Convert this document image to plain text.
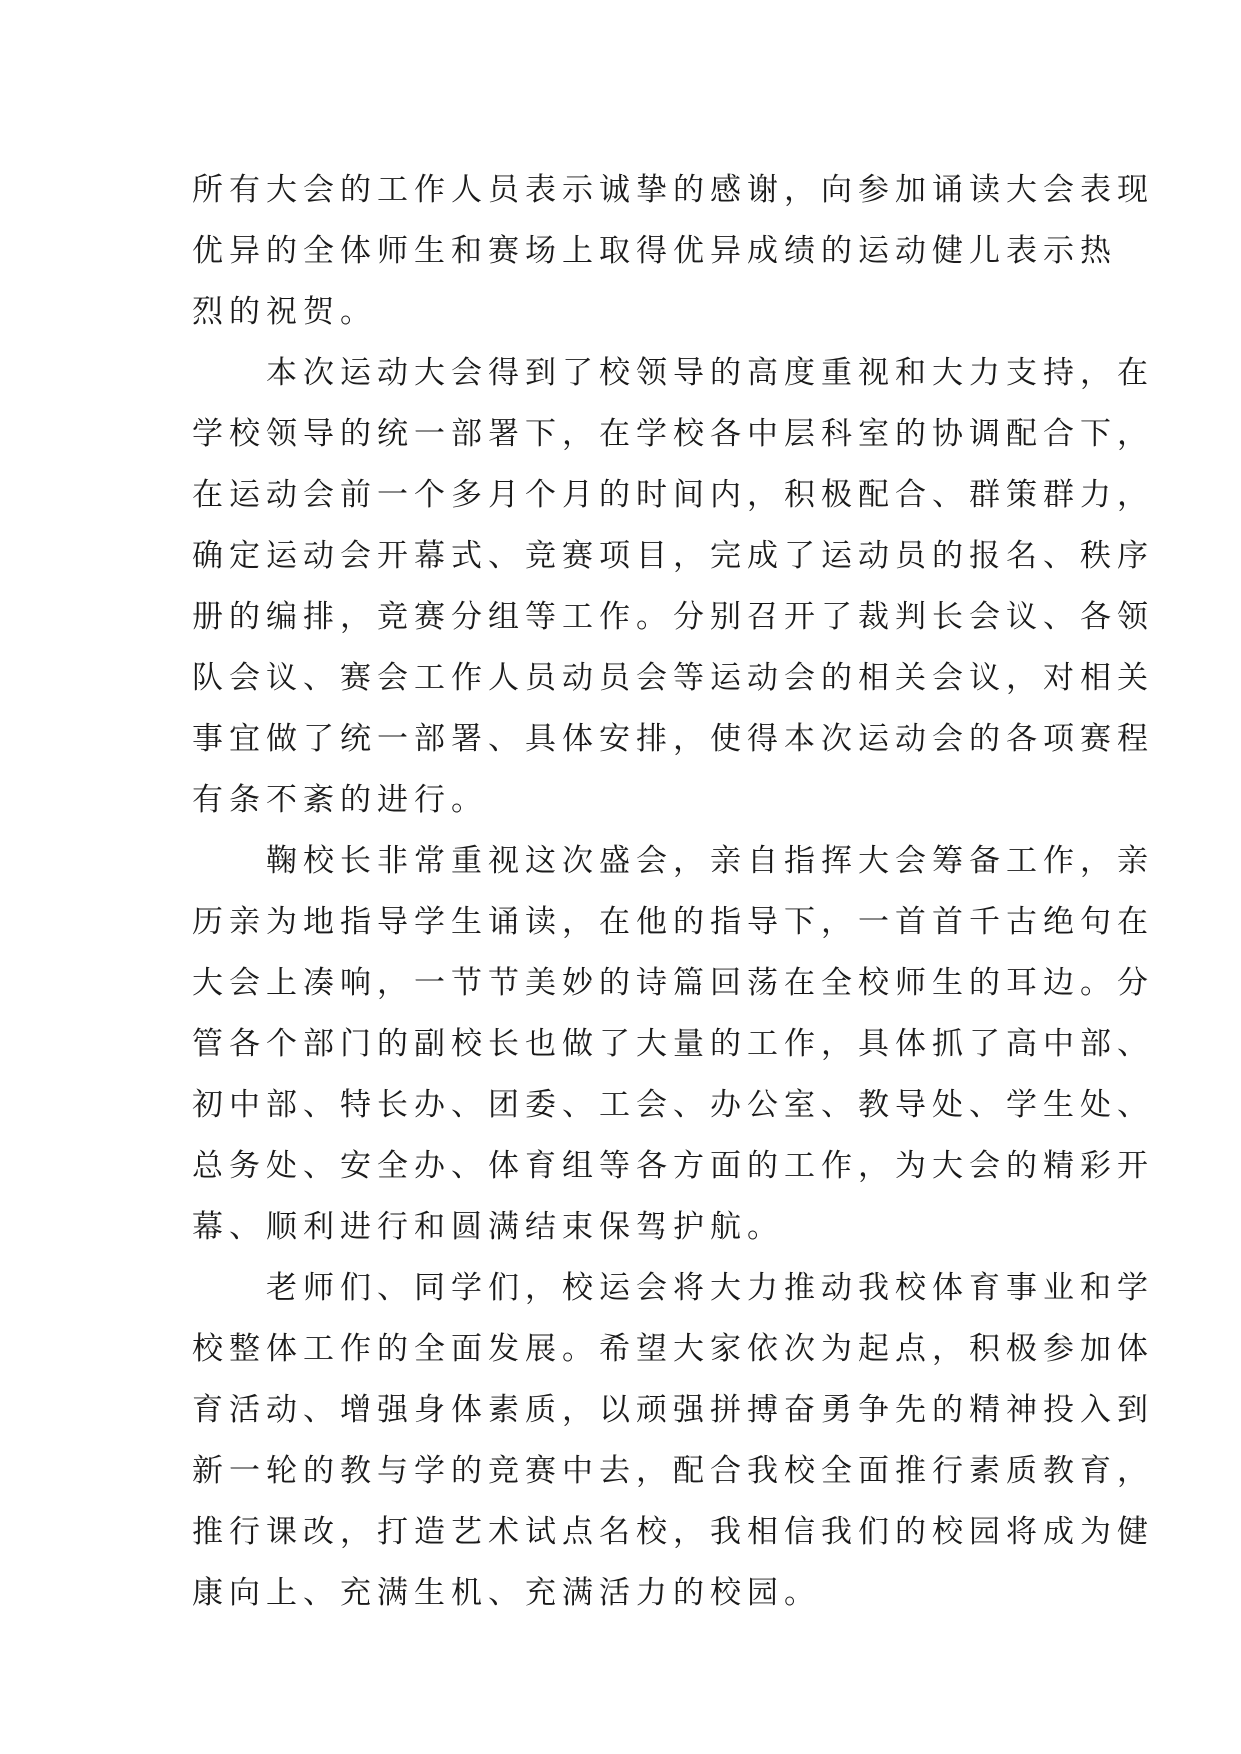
所有大会的工作人员表示诚挚的感谢，向参加诵读大会表现
优异的全体师生和赛场上取得优异成绩的运动健儿表示热
烈的祝贺。
本次运动大会得到了校领导的高度重视和大力支持，在
学校领导的统一部署下，在学校各中层科室的协调配合下，
在运动会前一个多月个月的时间内，积极配合、群策群力，
确定运动会开幕式、竞赛项目，完成了运动员的报名、秩序
册的编排，竞赛分组等工作。分别召开了裁判长会议、各领
队会议、赛会工作人员动员会等运动会的相关会议，对相关
事宜做了统一部署、具体安排，使得本次运动会的各项赛程
有条不紊的进行。
鞠校长非常重视这次盛会，亲自指挥大会筹备工作，亲
历亲为地指导学生诵读，在他的指导下，一首首千古绝句在
大会上凑响，一节节美妙的诗篇回荡在全校师生的耳边。分
管各个部门的副校长也做了大量的工作，具体抓了高中部、
初中部、特长办、团委、工会、办公室、教导处、学生处、
总务处、安全办、体育组等各方面的工作，为大会的精彩开
幕、顺利进行和圆满结束保驾护航。
老师们、同学们，校运会将大力推动我校体育事业和学
校整体工作的全面发展。希望大家依次为起点，积极参加体
育活动、增强身体素质，以顽强拼搏奋勇争先的精神投入到
新一轮的教与学的竞赛中去，配合我校全面推行素质教育，
推行课改，打造艺术试点名校，我相信我们的校园将成为健
康向上、充满生机、充满活力的校园。
